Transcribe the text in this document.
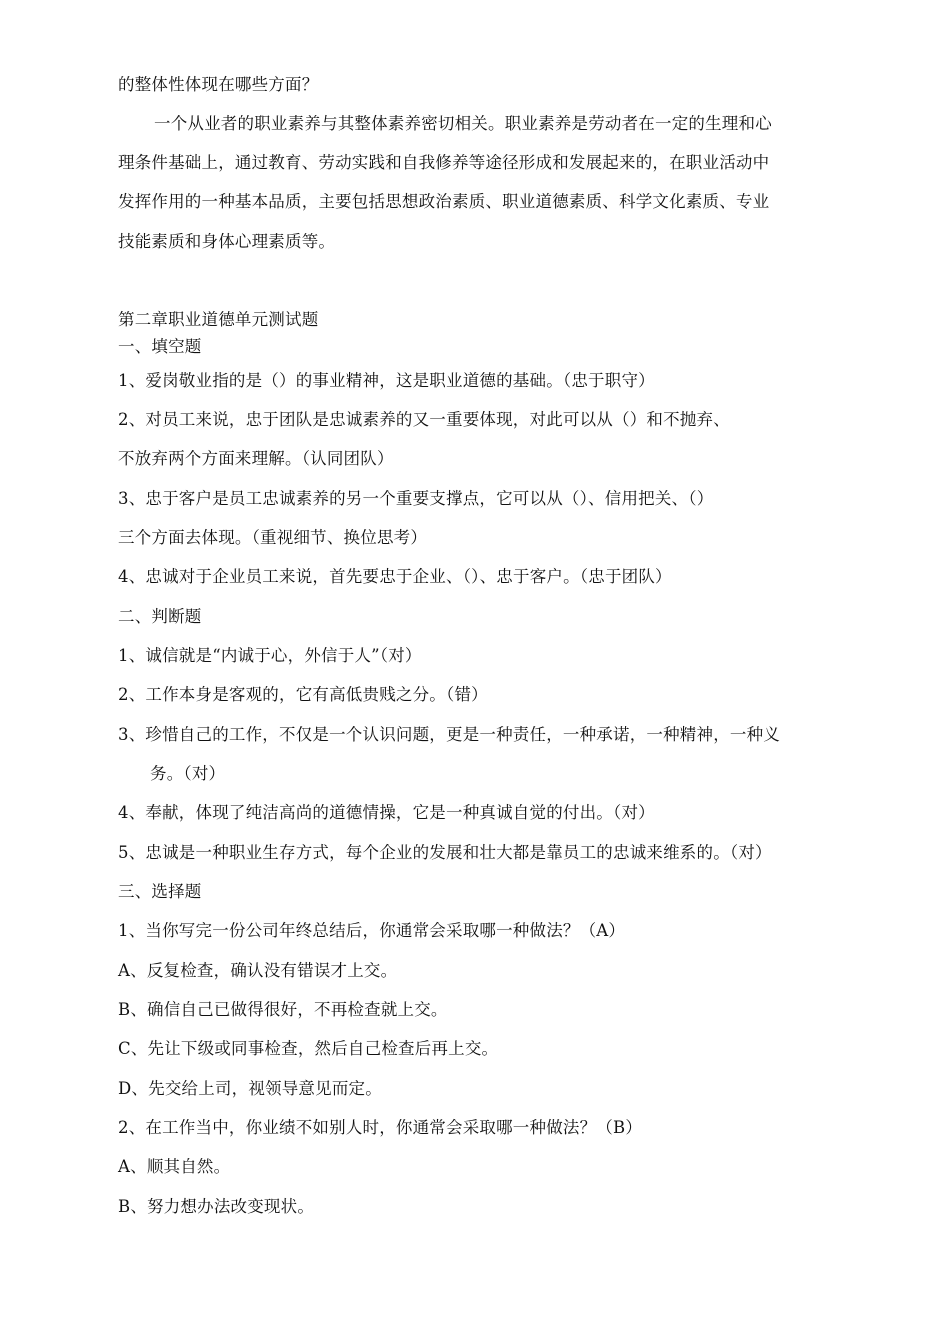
的整体性体现在哪些方面？
一个从业者的职业素养与其整体素养密切相关。职业素养是劳动者在一定的生理和心
理条件基础上，通过教育、劳动实践和自我修养等途径形成和发展起来的，在职业活动中
发挥作用的一种基本品质，主要包括思想政治素质、职业道德素质、科学文化素质、专业
技能素质和身体心理素质等。
第二章职业道德单元测试题
一、填空题
1、爱岗敬业指的是（）的事业精神，这是职业道德的基础。（忠于职守）
2、对员工来说，忠于团队是忠诚素养的又一重要体现，对此可以从（）和不抛弃、
不放弃两个方面来理解。（认同团队）
3、忠于客户是员工忠诚素养的另一个重要支撑点，它可以从（）、信用把关、（）
三个方面去体现。（重视细节、换位思考）
4、忠诚对于企业员工来说，首先要忠于企业、（）、忠于客户。（忠于团队）
二、判断题
1、诚信就是“内诚于心，外信于人”（对）
2、工作本身是客观的，它有高低贵贱之分。（错）
3、珍惜自己的工作，不仅是一个认识问题，更是一种责任，一种承诺，一种精神，一种义
务。（对）
4、奉献，体现了纯洁高尚的道德情操，它是一种真诚自觉的付出。（对）
5、忠诚是一种职业生存方式，每个企业的发展和壮大都是靠员工的忠诚来维系的。（对）
三、选择题
1、当你写完一份公司年终总结后，你通常会采取哪一种做法？（A）
A、反复检查，确认没有错误才上交。
B、确信自己已做得很好，不再检查就上交。
C、先让下级或同事检查，然后自己检查后再上交。
D、先交给上司，视领导意见而定。
2、在工作当中，你业绩不如别人时，你通常会采取哪一种做法？（B）
A、顺其自然。
B、努力想办法改变现状。
